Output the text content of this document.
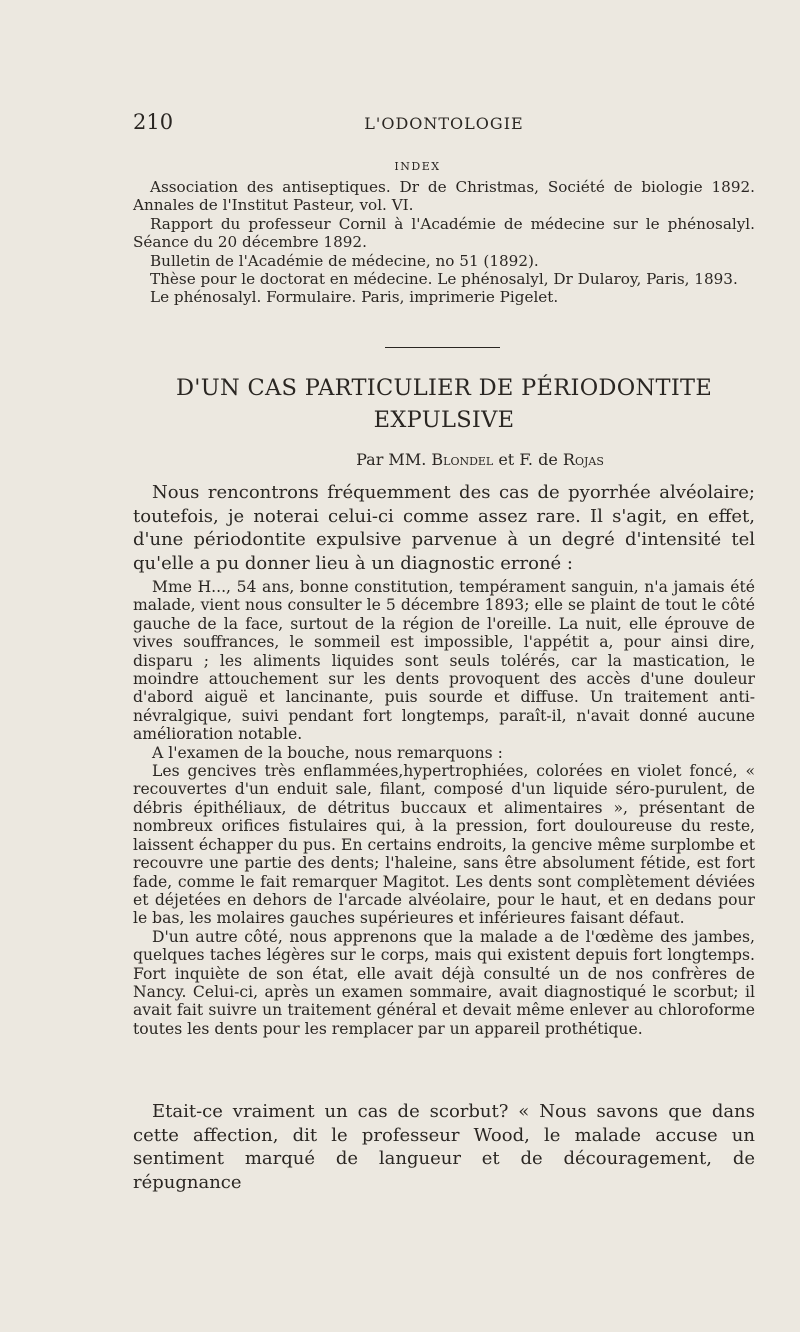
210	L'ODONTOLOGIE
INDEX

Association des antiseptiques. Dr de Christmas, Société de biologie 1892. Annales de l'Institut Pasteur, vol. VI.

Rapport du professeur Cornil à l'Académie de médecine sur le phénosalyl. Séance du 20 décembre 1892.

Bulletin de l'Académie de médecine, no 51 (1892).

Thèse pour le doctorat en médecine. Le phénosalyl, Dr Dularoy, Paris, 1893.

Le phénosalyl. Formulaire. Paris, imprimerie Pigelet.

D'UN CAS PARTICULIER DE PÉRIODONTITE
EXPULSIVE
Par MM. Blondel et F. de Rojas

Nous rencontrons fréquemment des cas de pyorrhée alvéolaire; toutefois, je noterai celui-ci comme assez rare. Il s'agit, en effet, d'une périodontite expulsive parvenue à un degré d'intensité tel qu'elle a pu donner lieu à un diagnostic erroné :

Mme H..., 54 ans, bonne constitution, tempérament sanguin, n'a jamais été malade, vient nous consulter le 5 décembre 1893; elle se plaint de tout le côté gauche de la face, surtout de la région de l'oreille. La nuit, elle éprouve de vives souffrances, le sommeil est impossible, l'appétit a, pour ainsi dire, disparu ; les aliments liquides sont seuls tolérés, car la mastication, le moindre attouchement sur les dents provoquent des accès d'une douleur d'abord aiguë et lancinante, puis sourde et diffuse. Un traitement anti-névralgique, suivi pendant fort longtemps, paraît-il, n'avait donné aucune amélioration notable.

A l'examen de la bouche, nous remarquons :

Les gencives très enflammées,hypertrophiées, colorées en violet foncé, « recouvertes d'un enduit sale, filant, composé d'un liquide séro-purulent, de débris épithéliaux, de détritus buccaux et alimentaires », présentant de nombreux orifices fistulaires qui, à la pression, fort douloureuse du reste, laissent échapper du pus. En certains endroits, la gencive même surplombe et recouvre une partie des dents; l'haleine, sans être absolument fétide, est fort fade, comme le fait remarquer Magitot. Les dents sont complètement déviées et déjetées en dehors de l'arcade alvéolaire, pour le haut, et en dedans pour le bas, les molaires gauches supérieures et inférieures faisant défaut.

D'un autre côté, nous apprenons que la malade a de l'œdème des jambes, quelques taches légères sur le corps, mais qui existent depuis fort longtemps. Fort inquiète de son état, elle avait déjà consulté un de nos confrères de Nancy. Celui-ci, après un examen sommaire, avait diagnostiqué le scorbut; il avait fait suivre un traitement général et devait même enlever au chloroforme toutes les dents pour les remplacer par un appareil prothétique.

Etait-ce vraiment un cas de scorbut? « Nous savons que dans cette affection, dit le professeur Wood, le malade accuse un sentiment marqué de langueur et de découragement, de répugnance
